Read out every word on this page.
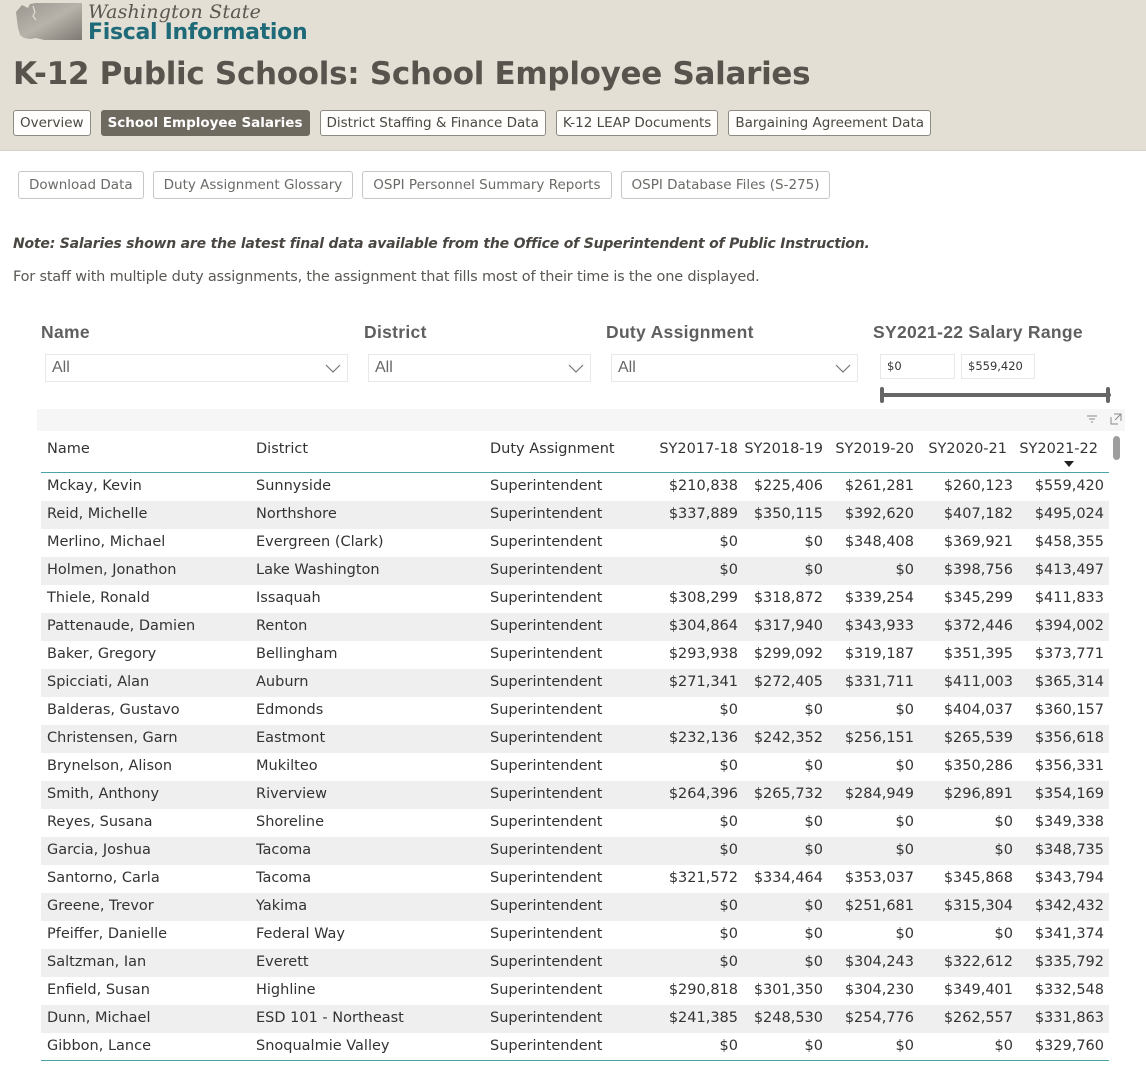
Washington State
Fiscal Information
K-12 Public Schools: School Employee Salaries
Overview	School Employee Salaries	District Staffing & Finance Data	K-12 LEAP Documents	Bargaining Agreement Data
Download Data	Duty Assignment Glossary	OSPI Personnel Summary Reports	OSPI Database Files (S-275)

Note: Salaries shown are the latest final data available from the Office of Superintendent of Public Instruction.

For staff with multiple duty assignments, the assignment that fills most of their time is the one displayed.

Name
All
District
All
Duty Assignment
All
SY2021-22 Salary Range
$0	$559,420
Name	District	Duty Assignment	SY2017-18 SY2018-19 SY2019-20 SY2020-21 SY2021-22
Mckay, Kevin	Sunnyside	Superintendent	$210,838 $225,406 $261,281 $260,123 $559,420
Reid, Michelle	Northshore	Superintendent	$337,889 $350,115 $392,620 $407,182 $495,024
Merlino, Michael	Evergreen (Clark)	Superintendent	$0	$0 $348,408 $369,921 $458,355
Holmen, Jonathon	Lake Washington	Superintendent	$0	$0	$0 $398,756 $413,497
Thiele, Ronald	Issaquah	Superintendent	$308,299 $318,872 $339,254 $345,299 $411,833
Pattenaude, Damien	Renton	Superintendent	$304,864 $317,940 $343,933 $372,446 $394,002
Baker, Gregory	Bellingham	Superintendent	$293,938 $299,092 $319,187 $351,395 $373,771
Spicciati, Alan	Auburn	Superintendent	$271,341 $272,405 $331,711 $411,003 $365,314
Balderas, Gustavo	Edmonds	Superintendent	$0	$0	$0 $404,037 $360,157
Christensen, Garn	Eastmont	Superintendent	$232,136 $242,352 $256,151 $265,539 $356,618
Brynelson, Alison	Mukilteo	Superintendent	$0	$0	$0 $350,286 $356,331
Smith, Anthony	Riverview	Superintendent	$264,396 $265,732 $284,949 $296,891 $354,169
Reyes, Susana	Shoreline	Superintendent	$0	$0	$0	$0 $349,338
Garcia, Joshua	Tacoma	Superintendent	$0	$0	$0	$0 $348,735
Santorno, Carla	Tacoma	Superintendent	$321,572 $334,464 $353,037 $345,868 $343,794
Greene, Trevor	Yakima	Superintendent	$0	$0 $251,681 $315,304 $342,432
Pfeiffer, Danielle	Federal Way	Superintendent	$0	$0	$0	$0 $341,374
Saltzman, Ian	Everett	Superintendent	$0	$0 $304,243 $322,612 $335,792
Enfield, Susan	Highline	Superintendent	$290,818 $301,350 $304,230 $349,401 $332,548
Dunn, Michael	ESD 101 - Northeast	Superintendent	$241,385 $248,530 $254,776 $262,557 $331,863
Gibbon, Lance	Snoqualmie Valley	Superintendent	$0	$0	$0	$0 $329,760
